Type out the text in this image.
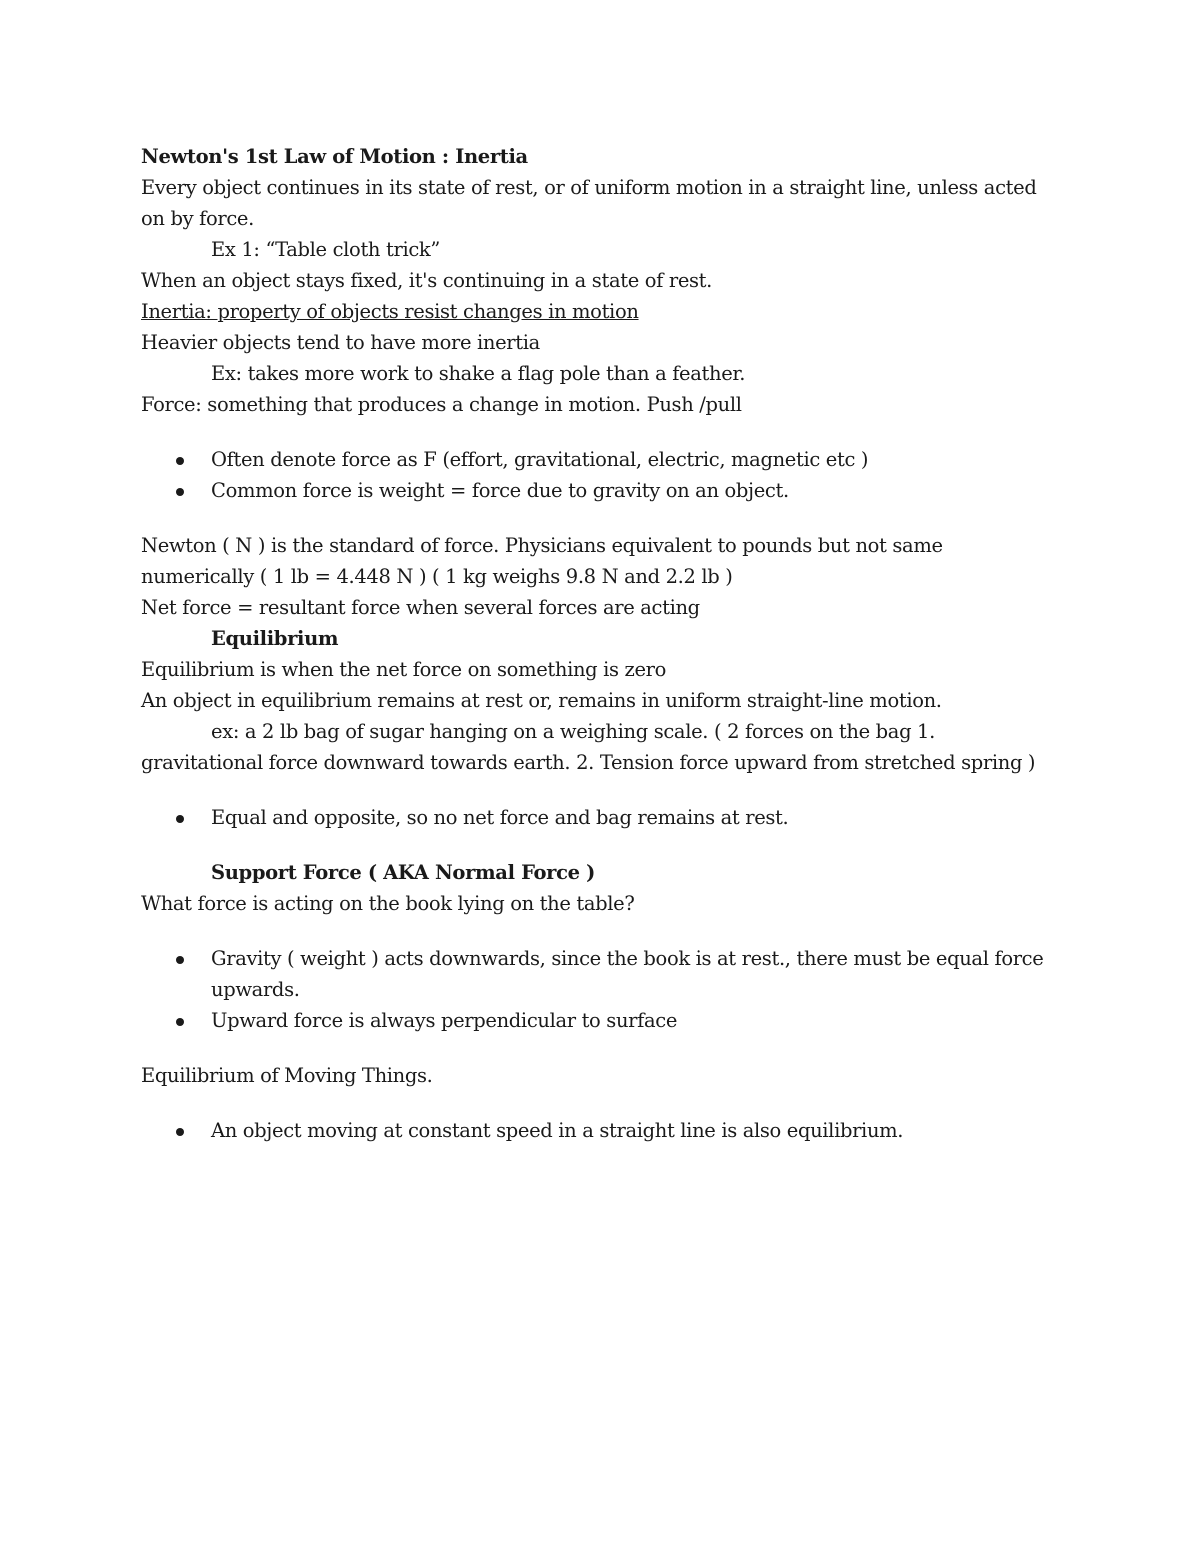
Newton's 1st Law of Motion : Inertia

Every object continues in its state of rest, or of uniform motion in a straight line, unless acted on by force.

Ex 1: “Table cloth trick”

When an object stays fixed, it's continuing in a state of rest.

Inertia: property of objects resist changes in motion

Heavier objects tend to have more inertia

Ex: takes more work to shake a flag pole than a feather.

Force: something that produces a change in motion. Push /pull

Often denote force as F (effort, gravitational, electric, magnetic etc )
Common force is weight = force due to gravity on an object.

Newton ( N ) is the standard of force. Physicians equivalent to pounds but not same numerically ( 1 lb = 4.448 N ) ( 1 kg weighs 9.8 N and 2.2 lb )

Net force = resultant force when several forces are acting

Equilibrium

Equilibrium is when the net force on something is zero

An object in equilibrium remains at rest or, remains in uniform straight-line motion.

ex: a 2 lb bag of sugar hanging on a weighing scale. ( 2 forces on the bag 1. gravitational force downward towards earth. 2. Tension force upward from stretched spring )

Equal and opposite, so no net force and bag remains at rest.

Support Force ( AKA Normal Force )

What force is acting on the book lying on the table?

Gravity ( weight ) acts downwards, since the book is at rest., there must be equal force upwards.
Upward force is always perpendicular to surface

Equilibrium of Moving Things.

An object moving at constant speed in a straight line is also equilibrium.
